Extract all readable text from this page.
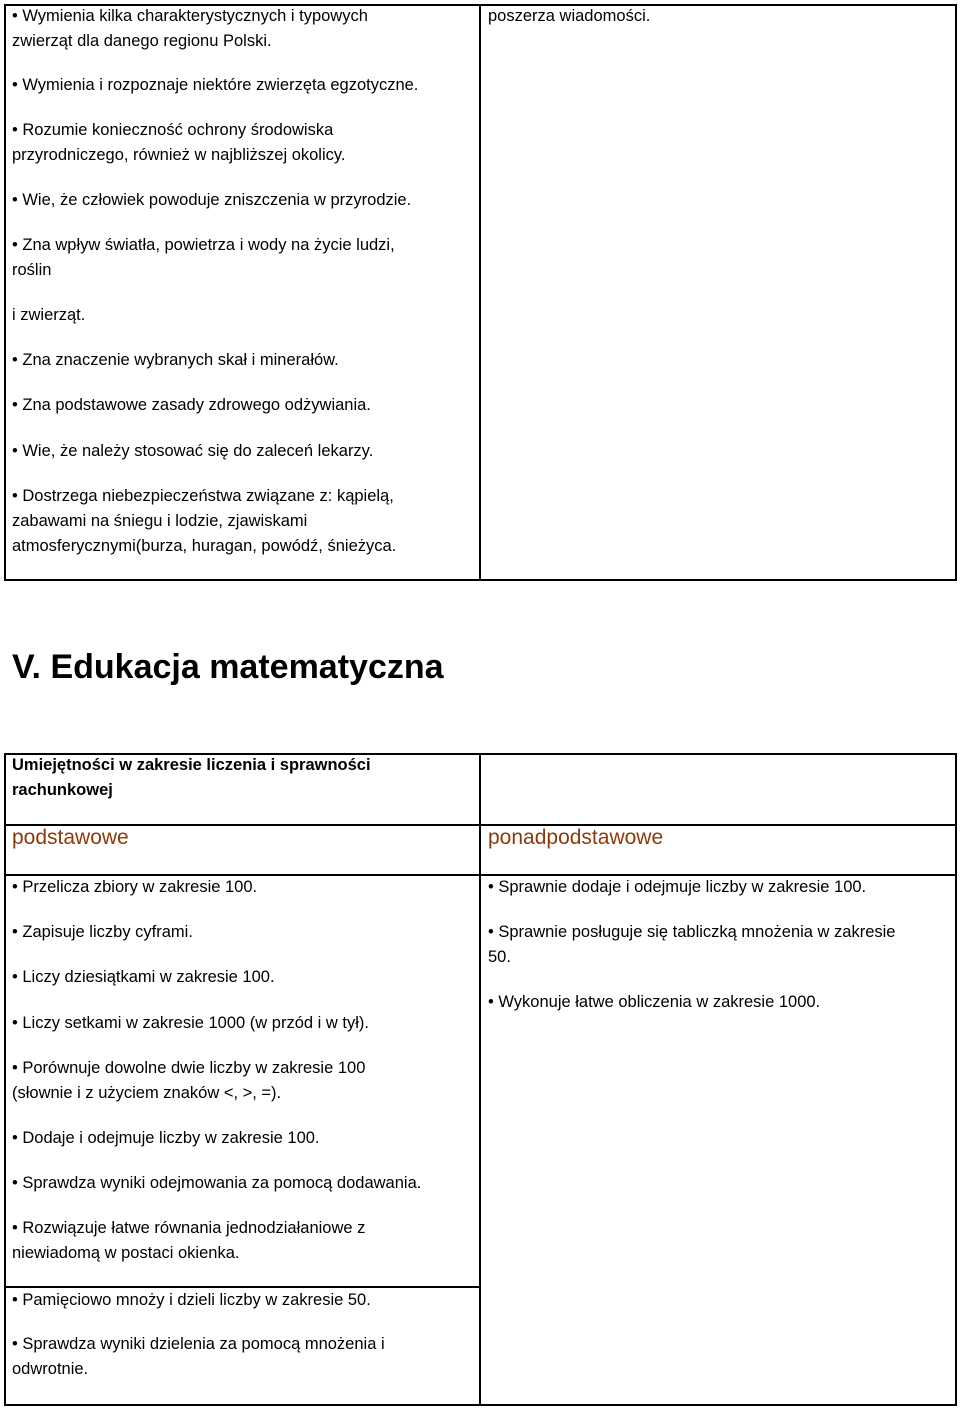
• Wymienia kilka charakterystycznych i typowych
zwierząt dla danego regionu Polski.
• Wymienia i rozpoznaje niektóre zwierzęta egzotyczne.
• Rozumie konieczność ochrony środowiska
przyrodniczego, również w najbliższej okolicy.
• Wie, że człowiek powoduje zniszczenia w przyrodzie.
• Zna wpływ światła, powietrza i wody na życie ludzi,
roślin
i zwierząt.
• Zna znaczenie wybranych skał i minerałów.
• Zna podstawowe zasady zdrowego odżywiania.
• Wie, że należy stosować się do zaleceń lekarzy.
• Dostrzega niebezpieczeństwa związane z: kąpielą,
zabawami na śniegu i lodzie, zjawiskami
atmosferycznymi(burza, huragan, powódź, śnieżyca.
poszerza wiadomości.
V. Edukacja matematyczna
Umiejętności w zakresie liczenia i sprawności
rachunkowej
podstawowe	ponadpodstawowe
• Przelicza zbiory w zakresie 100.
• Zapisuje liczby cyframi.
• Liczy dziesiątkami w zakresie 100.
• Liczy setkami w zakresie 1000 (w przód i w tył).
• Porównuje dowolne dwie liczby w zakresie 100
(słownie i z użyciem znaków <, >, =).
• Dodaje i odejmuje liczby w zakresie 100.
• Sprawdza wyniki odejmowania za pomocą dodawania.
• Rozwiązuje łatwe równania jednodziałaniowe z
niewiadomą w postaci okienka.
• Pamięciowo mnoży i dzieli liczby w zakresie 50.
• Sprawdza wyniki dzielenia za pomocą mnożenia i
odwrotnie.
• Sprawnie dodaje i odejmuje liczby w zakresie 100.
• Sprawnie posługuje się tabliczką mnożenia w zakresie
50.
• Wykonuje łatwe obliczenia w zakresie 1000.
